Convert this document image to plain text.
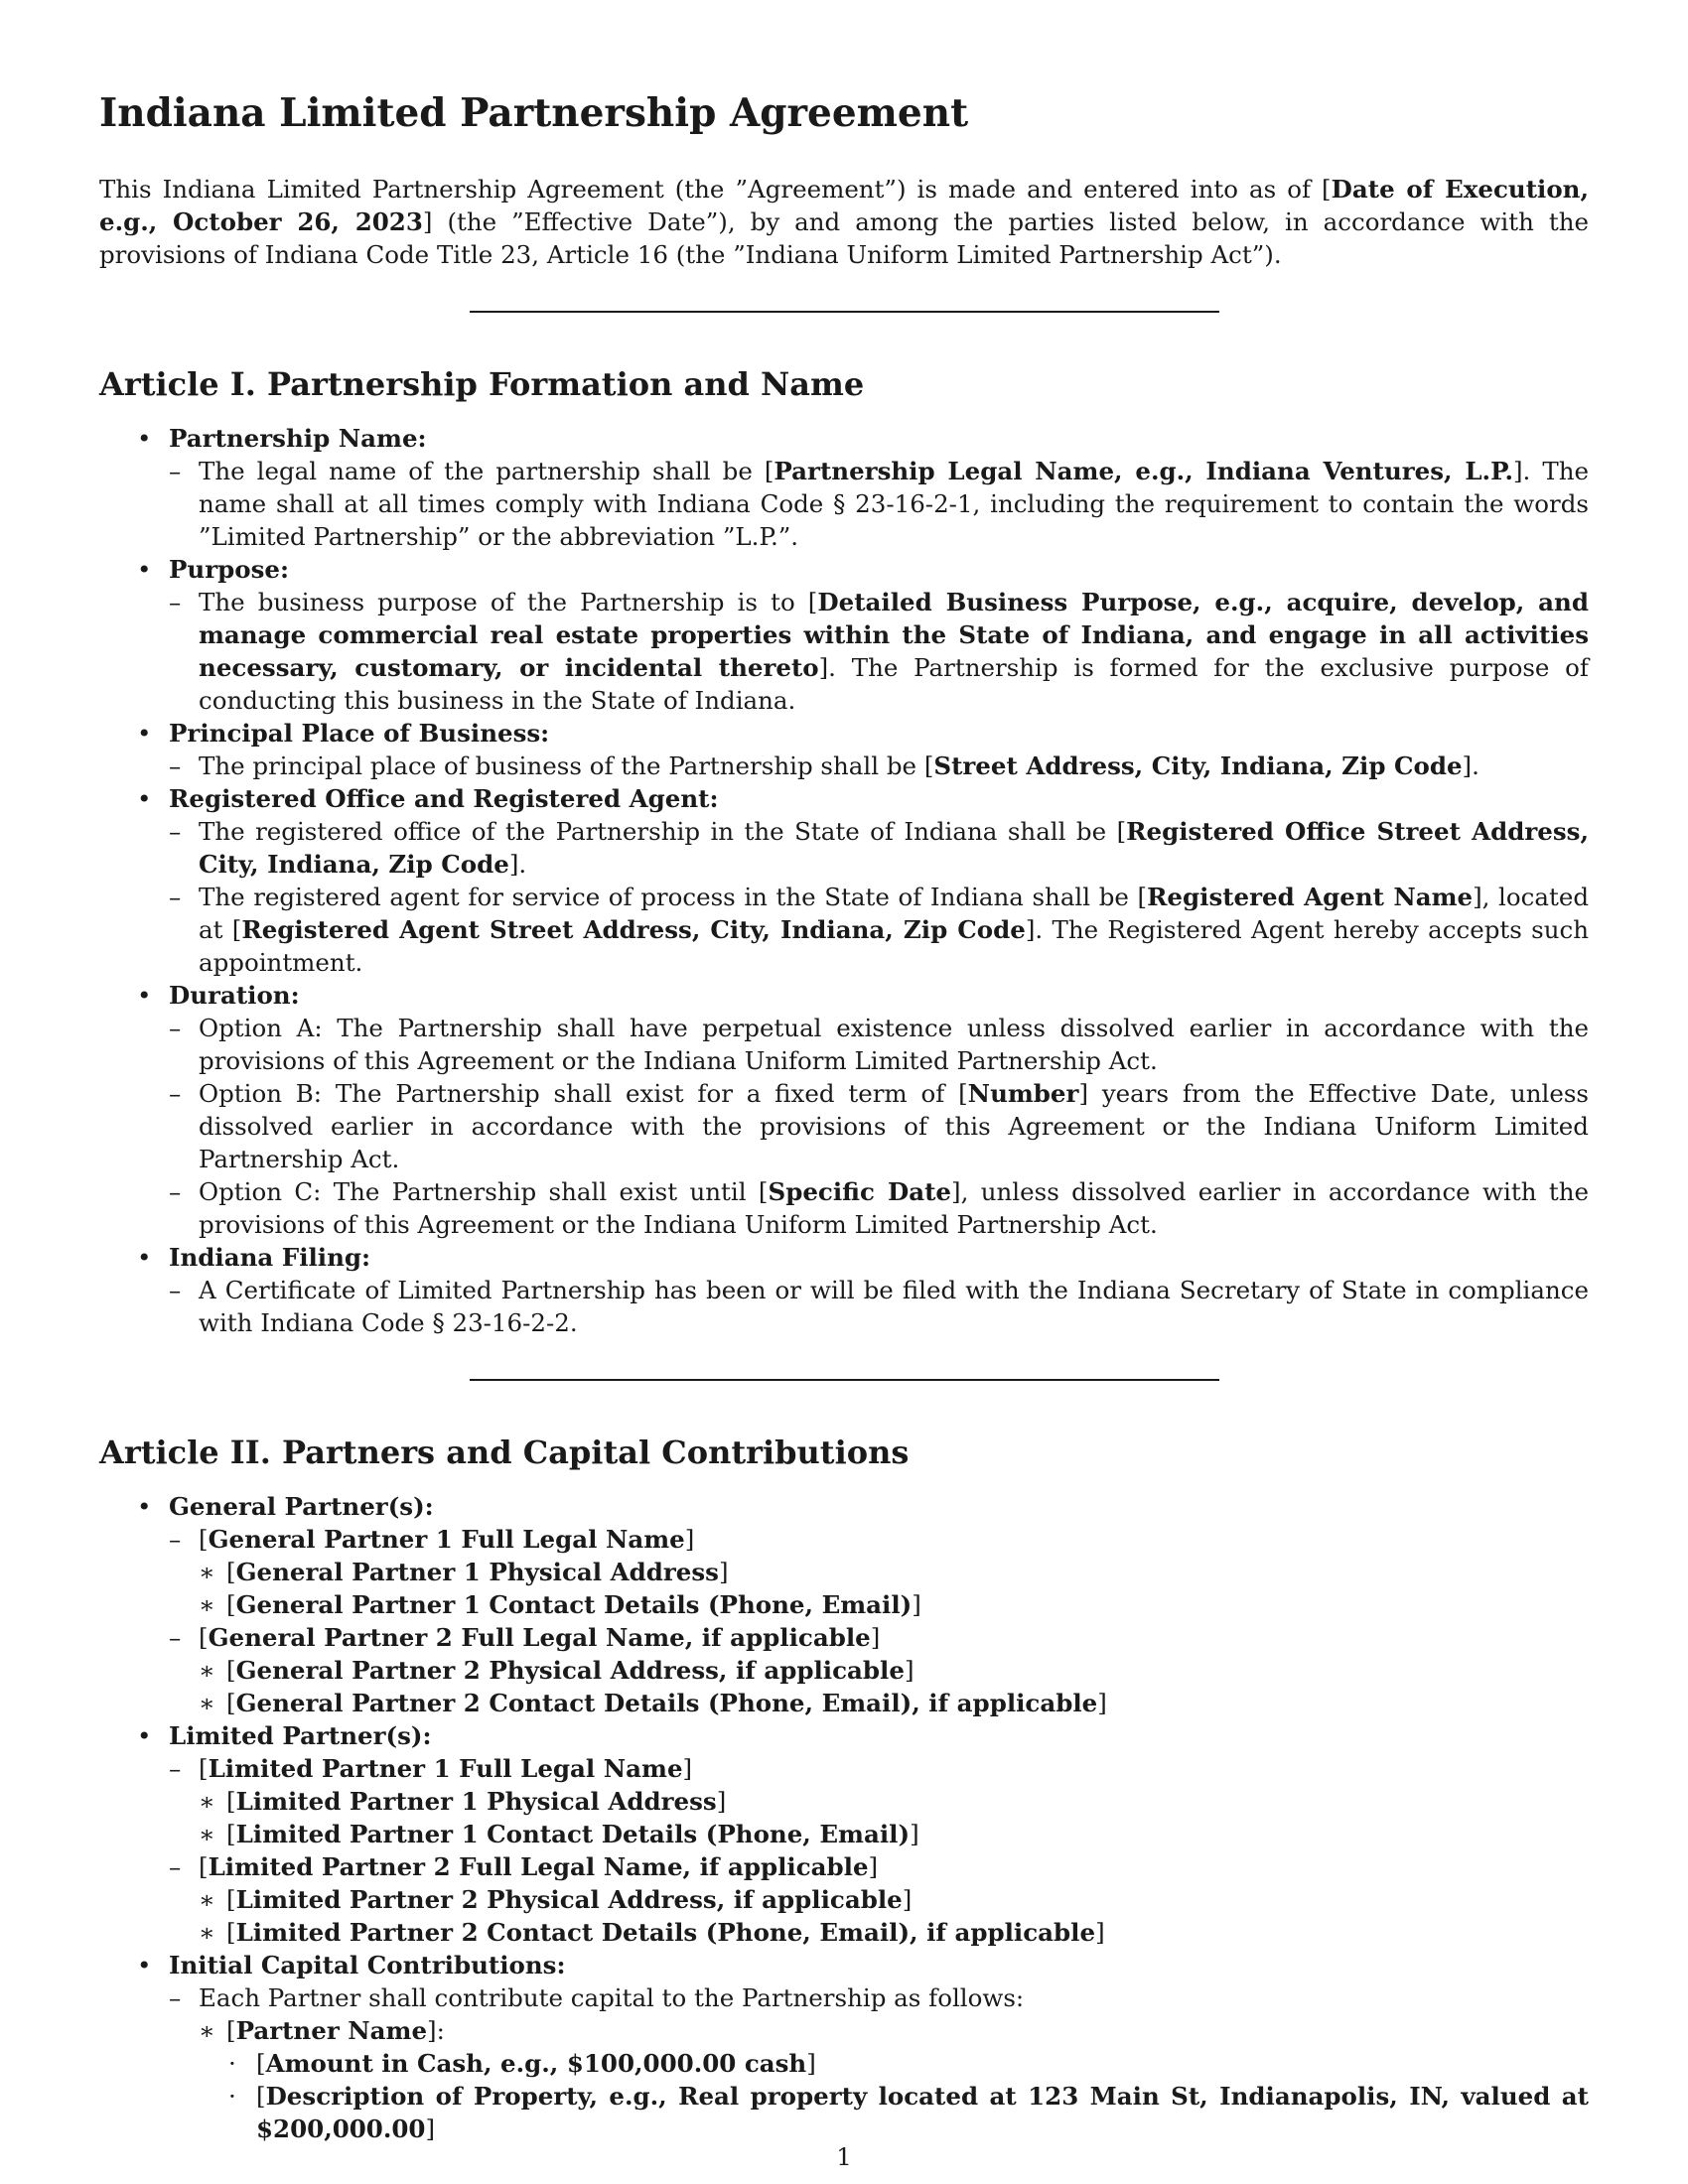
Indiana Limited Partnership Agreement

This Indiana Limited Partnership Agreement (the ”Agreement”) is made and entered into as of [Date of Execution, e.g., October 26, 2023] (the ”Effective Date”), by and among the parties listed below, in accordance with the provisions of Indiana Code Title 23, Article 16 (the ”Indiana Uniform Limited Partnership Act”).

Article I. Partnership Formation and Name
• Partnership Name:
– The legal name of the partnership shall be [Partnership Legal Name, e.g., Indiana Ventures, L.P.]. The name shall at all times comply with Indiana Code § 23-16-2-1, including the requirement to contain the words ”Limited Partnership” or the abbreviation ”L.P.”.
• Purpose:
– The business purpose of the Partnership is to [Detailed Business Purpose, e.g., acquire, develop, and manage commercial real estate properties within the State of Indiana, and engage in all activities necessary, customary, or incidental thereto]. The Partnership is formed for the exclusive purpose of conducting this business in the State of Indiana.
• Principal Place of Business:
– The principal place of business of the Partnership shall be [Street Address, City, Indiana, Zip Code].
• Registered Office and Registered Agent:
– The registered office of the Partnership in the State of Indiana shall be [Registered Office Street Address, City, Indiana, Zip Code].
– The registered agent for service of process in the State of Indiana shall be [Registered Agent Name], located at [Registered Agent Street Address, City, Indiana, Zip Code]. The Registered Agent hereby accepts such appointment.
• Duration:
– Option A: The Partnership shall have perpetual existence unless dissolved earlier in accordance with the provisions of this Agreement or the Indiana Uniform Limited Partnership Act.
– Option B: The Partnership shall exist for a fixed term of [Number] years from the Effective Date, unless dissolved earlier in accordance with the provisions of this Agreement or the Indiana Uniform Limited Partnership Act.
– Option C: The Partnership shall exist until [Specific Date], unless dissolved earlier in accordance with the provisions of this Agreement or the Indiana Uniform Limited Partnership Act.
• Indiana Filing:
– A Certificate of Limited Partnership has been or will be filed with the Indiana Secretary of State in compliance with Indiana Code § 23-16-2-2.
Article II. Partners and Capital Contributions
• General Partner(s):
– [General Partner 1 Full Legal Name]
∗ [General Partner 1 Physical Address]
∗ [General Partner 1 Contact Details (Phone, Email)]
– [General Partner 2 Full Legal Name, if applicable]
∗ [General Partner 2 Physical Address, if applicable]
∗ [General Partner 2 Contact Details (Phone, Email), if applicable]
• Limited Partner(s):
– [Limited Partner 1 Full Legal Name]
∗ [Limited Partner 1 Physical Address]
∗ [Limited Partner 1 Contact Details (Phone, Email)]
– [Limited Partner 2 Full Legal Name, if applicable]
∗ [Limited Partner 2 Physical Address, if applicable]
∗ [Limited Partner 2 Contact Details (Phone, Email), if applicable]
• Initial Capital Contributions:
– Each Partner shall contribute capital to the Partnership as follows:
∗ [Partner Name]:
· [Amount in Cash, e.g., $100,000.00 cash]
· [Description of Property, e.g., Real property located at 123 Main St, Indianapolis, IN, valued at $200,000.00]
1
